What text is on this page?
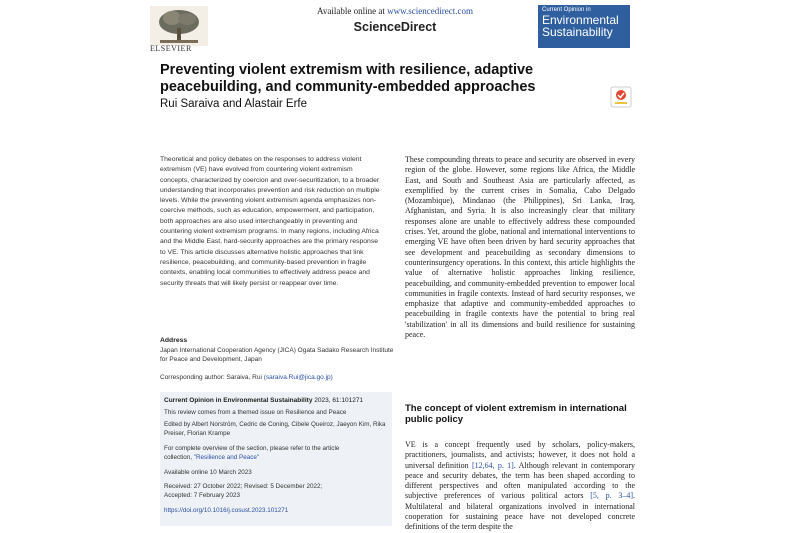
ELSEVIER
Available online at www.sciencedirect.com
ScienceDirect
Current Opinion in
Environmental
Sustainability
Preventing violent extremism with resilience, adaptive peacebuilding, and community-embedded approaches
Rui Saraiva and Alastair Erfe
Theoretical and policy debates on the responses to address violent extremism (VE) have evolved from countering violent extremism concepts, characterized by coercion and over-securitization, to a broader understanding that incorporates prevention and risk reduction on multiple levels. While the preventing violent extremism agenda emphasizes non-coercive methods, such as education, empowerment, and participation, both approaches are also used interchangeably in preventing and countering violent extremism programs. In many regions, including Africa and the Middle East, hard-security approaches are the primary response to VE. This article discusses alternative holistic approaches that link resilience, peacebuilding, and community-based prevention in fragile contexts, enabling local communities to effectively address peace and security threats that will likely persist or reappear over time.
Address
Japan International Cooperation Agency (JICA) Ogata Sadako Research Institute for Peace and Development, Japan
Corresponding author: Saraiva, Rui (saraiva.Rui@jica.go.jp)
Current Opinion in Environmental Sustainability 2023, 61:101271
This review comes from a themed issue on Resilience and Peace
Edited by Albert Norström, Cedric de Coning, Cibele Queiroz, Jaeyon Kim, Rika Preiser, Florian Krampe
For complete overview of the section, please refer to the article
collection, "Resilience and Peace"
Available online 10 March 2023
Received: 27 October 2022; Revised: 5 December 2022;
Accepted: 7 February 2023
https://doi.org/10.1016/j.cosust.2023.101271
These compounding threats to peace and security are observed in every region of the globe. However, some regions like Africa, the Middle East, and South and Southeast Asia are particularly affected, as exemplified by the current crises in Somalia, Cabo Delgado (Mozambique), Mindanao (the Philippines), Sri Lanka, Iraq, Afghanistan, and Syria. It is also increasingly clear that military responses alone are unable to effectively address these compounded crises. Yet, around the globe, national and international interventions to emerging VE have often been driven by hard security approaches that see development and peacebuilding as secondary dimensions to counterinsurgency operations. In this context, this article highlights the value of alternative holistic approaches linking resilience, peacebuilding, and community-embedded prevention to empower local communities in fragile contexts. Instead of hard security responses, we emphasize that adaptive and community-embedded approaches to peacebuilding in fragile contexts have the potential to bring real 'stabilization' in all its dimensions and build resilience for sustaining peace.
The concept of violent extremism in international public policy
VE is a concept frequently used by scholars, policy-makers, practitioners, journalists, and activists; however, it does not hold a universal definition [12,64, p. 1]. Although relevant in contemporary peace and security debates, the term has been shaped according to different perspectives and often manipulated according to the subjective preferences of various political actors [5, p. 3–4]. Multilateral and bilateral organizations involved in international cooperation for sustaining peace have not developed concrete definitions of the term despite the
